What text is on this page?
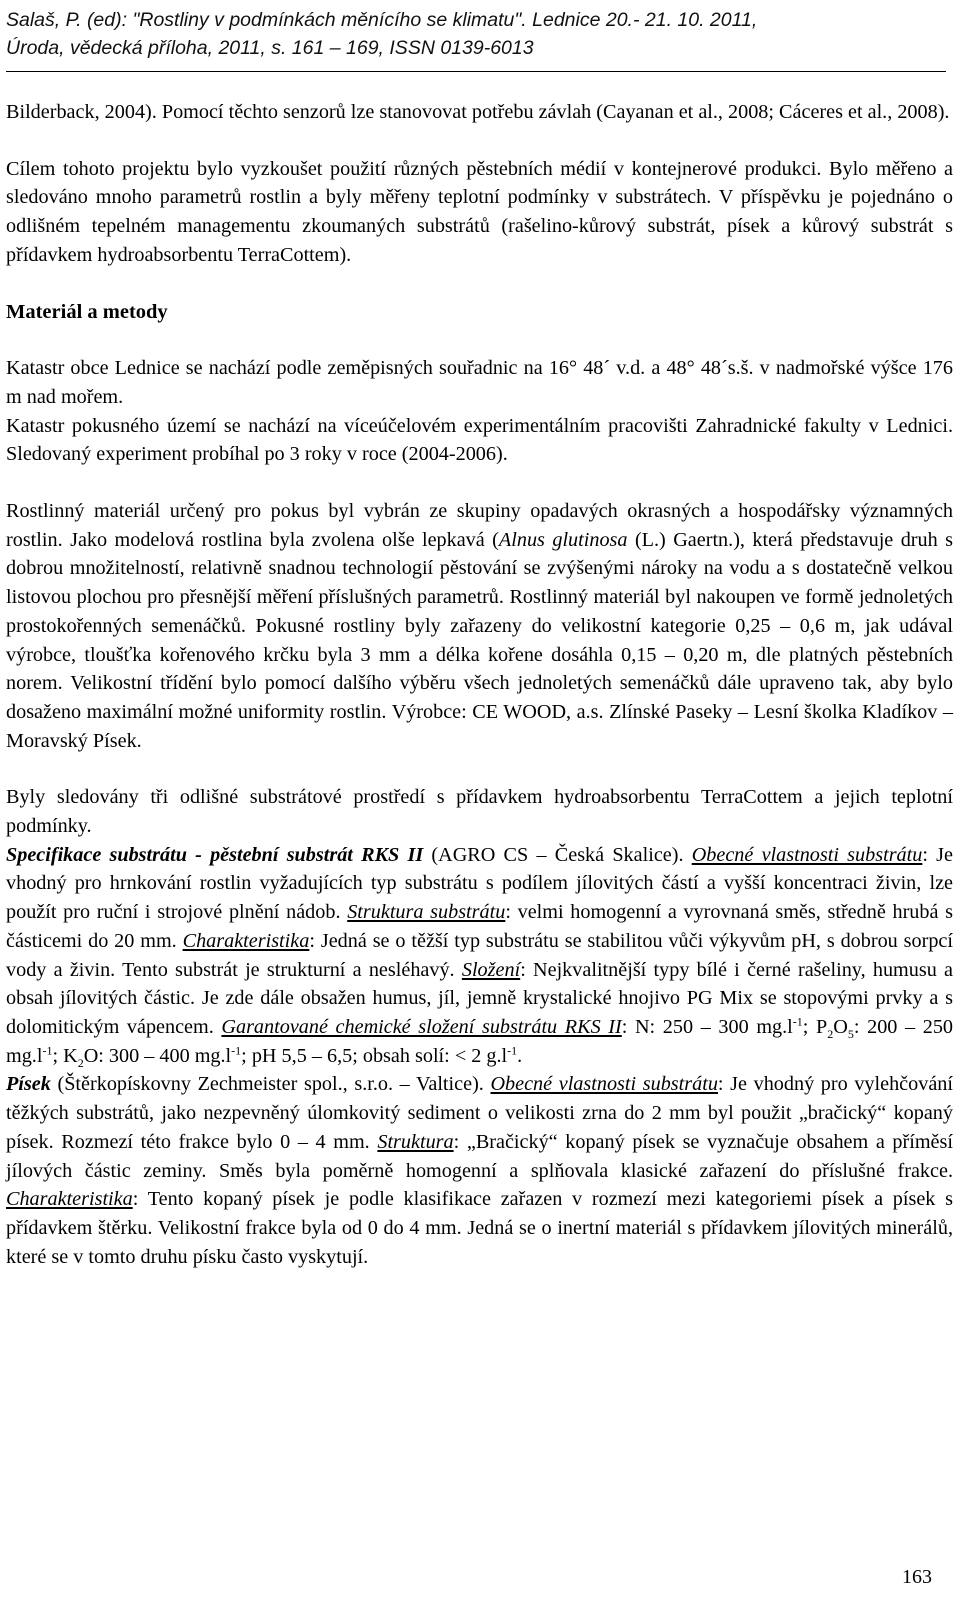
Salaš, P. (ed): "Rostliny v podmínkách měnícího se klimatu". Lednice 20.- 21. 10. 2011,
Úroda, vědecká příloha, 2011, s. 161 – 169, ISSN 0139-6013

Bilderback, 2004). Pomocí těchto senzorů lze stanovovat potřebu závlah (Cayanan et al., 2008; Cáceres et al., 2008).

Cílem tohoto projektu bylo vyzkoušet použití různých pěstebních médií v kontejnerové produkci. Bylo měřeno a sledováno mnoho parametrů rostlin a byly měřeny teplotní podmínky v substrátech. V příspěvku je pojednáno o odlišném tepelném managementu zkoumaných substrátů (rašelino-kůrový substrát, písek a kůrový substrát s přídavkem hydroabsorbentu TerraCottem).

Materiál a metody

Katastr obce Lednice se nachází podle zeměpisných souřadnic na 16° 48´ v.d. a 48° 48´s.š. v nadmořské výšce 176 m nad mořem.

Katastr pokusného území se nachází na víceúčelovém experimentálním pracovišti Zahradnické fakulty v Lednici. Sledovaný experiment probíhal po 3 roky v roce (2004-2006).

Rostlinný materiál určený pro pokus byl vybrán ze skupiny opadavých okrasných a hospodářsky významných rostlin. Jako modelová rostlina byla zvolena olše lepkavá (Alnus glutinosa (L.) Gaertn.), která představuje druh s dobrou množitelností, relativně snadnou technologií pěstování se zvýšenými nároky na vodu a s dostatečně velkou listovou plochou pro přesnější měření příslušných parametrů. Rostlinný materiál byl nakoupen ve formě jednoletých prostokořenných semenáčků. Pokusné rostliny byly zařazeny do velikostní kategorie 0,25 – 0,6 m, jak udával výrobce, tloušťka kořenového krčku byla 3 mm a délka kořene dosáhla 0,15 – 0,20 m, dle platných pěstebních norem. Velikostní třídění bylo pomocí dalšího výběru všech jednoletých semenáčků dále upraveno tak, aby bylo dosaženo maximální možné uniformity rostlin. Výrobce: CE WOOD, a.s. Zlínské Paseky – Lesní školka Kladíkov – Moravský Písek.

Byly sledovány tři odlišné substrátové prostředí s přídavkem hydroabsorbentu TerraCottem a jejich teplotní podmínky.

Specifikace substrátu - pěstební substrát RKS II (AGRO CS – Česká Skalice). Obecné vlastnosti substrátu: Je vhodný pro hrnkování rostlin vyžadujících typ substrátu s podílem jílovitých částí a vyšší koncentraci živin, lze použít pro ruční i strojové plnění nádob. Struktura substrátu: velmi homogenní a vyrovnaná směs, středně hrubá s částicemi do 20 mm. Charakteristika: Jedná se o těžší typ substrátu se stabilitou vůči výkyvům pH, s dobrou sorpcí vody a živin. Tento substrát je strukturní a nesléhavý. Složení: Nejkvalitnější typy bílé i černé rašeliny, humusu a obsah jílovitých částic. Je zde dále obsažen humus, jíl, jemně krystalické hnojivo PG Mix se stopovými prvky a s dolomitickým vápencem. Garantované chemické složení substrátu RKS II: N: 250 – 300 $mg.l^{-1}$; $P_2O_5$: 200 – 250 $mg.l^{-1}$; $K_2O$: 300 – 400 $mg.l^{-1}$; pH 5,5 – 6,5; obsah solí: < 2 $g.l^{-1}$.

Písek (Štěrkopískovny Zechmeister spol., s.r.o. – Valtice). Obecné vlastnosti substrátu: Je vhodný pro vylehčování těžkých substrátů, jako nezpevněný úlomkovitý sediment o velikosti zrna do 2 mm byl použit „bračický“ kopaný písek. Rozmezí této frakce bylo 0 – 4 mm. Struktura: „Bračický“ kopaný písek se vyznačuje obsahem a příměsí jílových částic zeminy. Směs byla poměrně homogenní a splňovala klasické zařazení do příslušné frakce. Charakteristika: Tento kopaný písek je podle klasifikace zařazen v rozmezí mezi kategoriemi písek a písek s přídavkem štěrku. Velikostní frakce byla od 0 do 4 mm. Jedná se o inertní materiál s přídavkem jílovitých minerálů, které se v tomto druhu písku často vyskytují.

163
